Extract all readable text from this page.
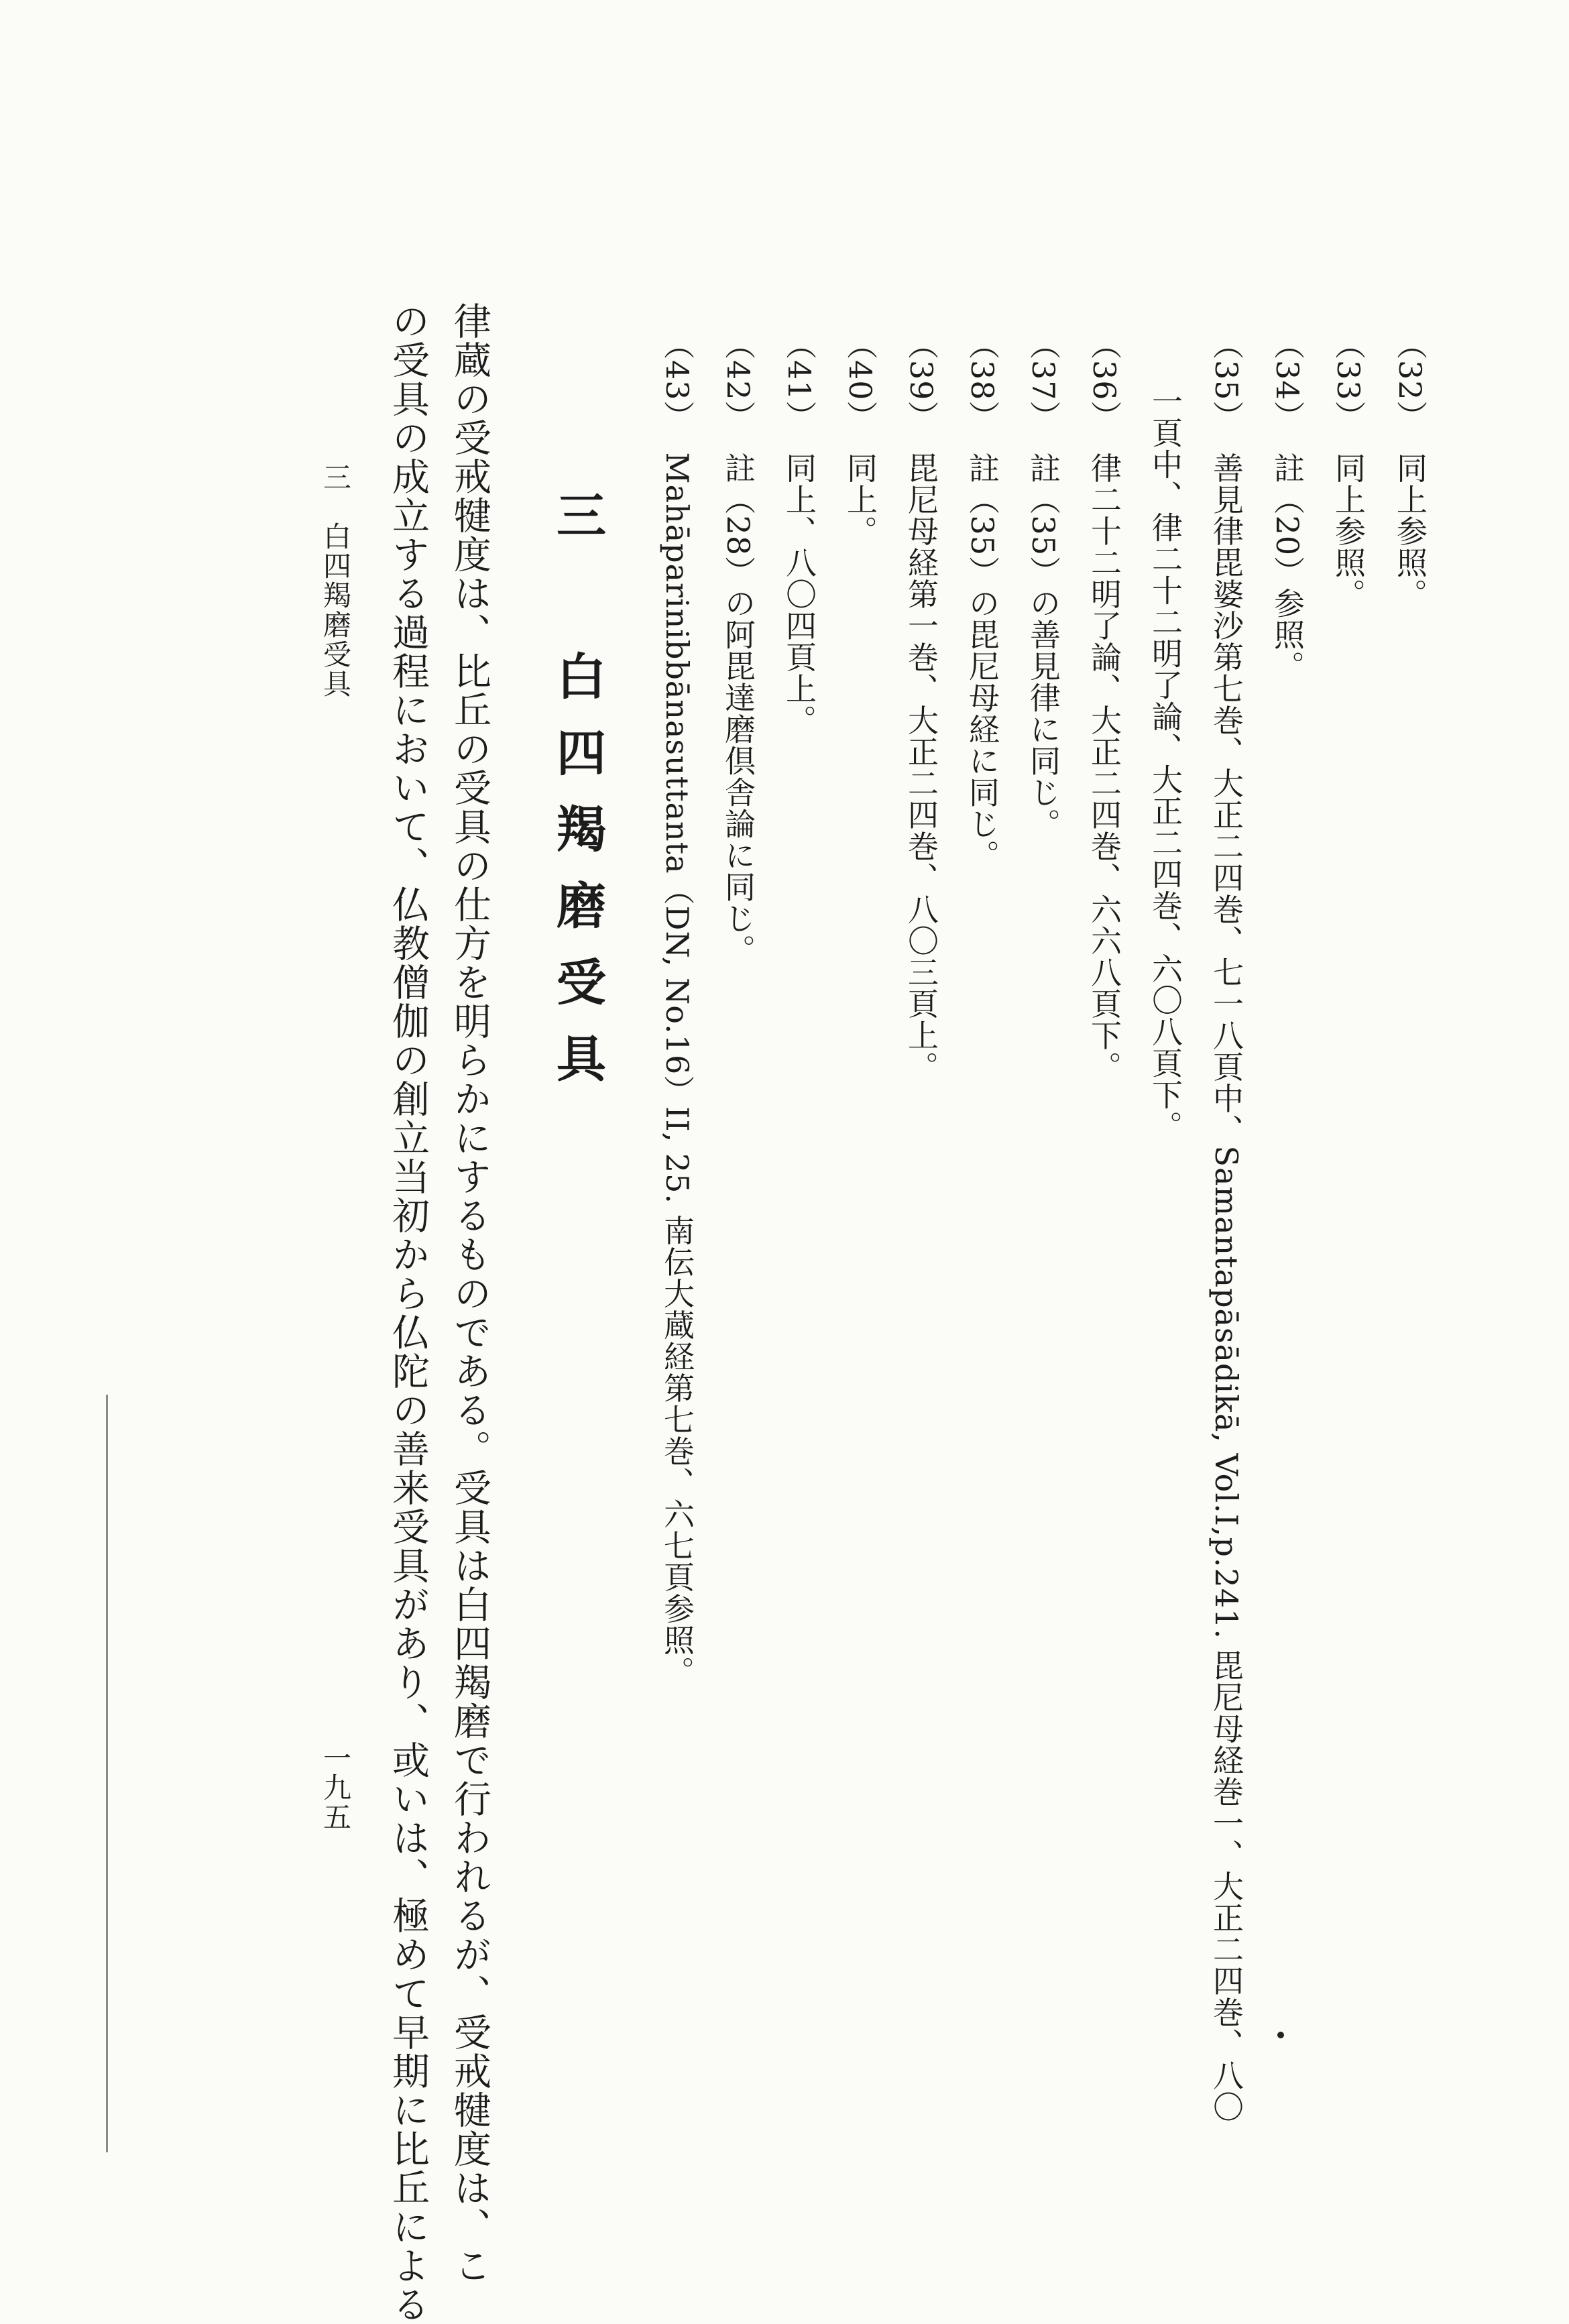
（32）同上参照。
（33）同上参照。
（34）註（20）参照。
（35）善見律毘婆沙第七巻、大正二四巻、七一八頁中、Samantapāsādikā, Vol.I,p.241. 毘尼母経巻一、大正二四巻、八〇
一頁中、律二十二明了論、大正二四巻、六〇八頁下。
（36）律二十二明了論、大正二四巻、六六八頁下。
（37）註（35）の善見律に同じ。
（38）註（35）の毘尼母経に同じ。
（39）毘尼母経第一巻、大正二四巻、八〇三頁上。
（40）同上。
（41）同上、八〇四頁上。
（42）註（28）の阿毘達磨倶舎論に同じ。
（43）Mahāparinibbānasuttanta（DN, No.16）II, 25. 南伝大蔵経第七巻、六七頁参照。
三 白四羯磨受具
律蔵の受戒犍度は、比丘の受具の仕方を明らかにするものである。受具は白四羯磨で行われるが、受戒犍度は、こ
の受具の成立する過程において、仏教僧伽の創立当初から仏陀の善来受具があり、或いは、極めて早期に比丘による
三　白四羯磨受具
一九五
